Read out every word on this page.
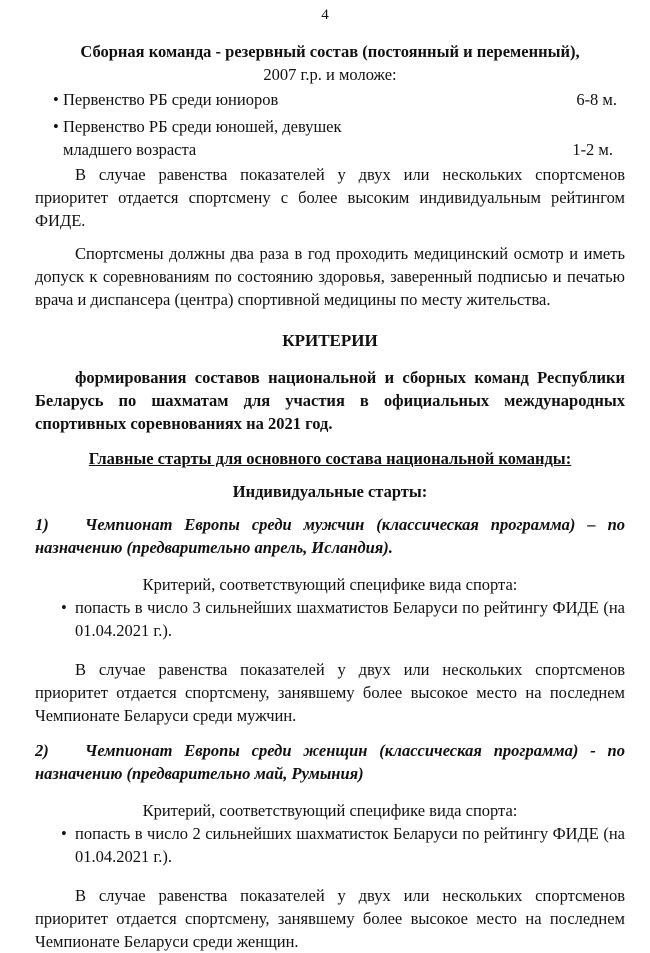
4

Сборная команда - резервный состав (постоянный и переменный),

2007 г.р. и моложе:

• Первенство РБ среди юниоров	6-8 м.
• Первенство РБ среди юношей, девушек
младшего возраста	1-2 м.

В случае равенства показателей у двух или нескольких спортсменов приоритет отдается спортсмену с более высоким индивидуальным рейтингом ФИДЕ.

Спортсмены должны два раза в год проходить медицинский осмотр и иметь допуск к соревнованиям по состоянию здоровья, заверенный подписью и печатью врача и диспансера (центра) спортивной медицины по месту жительства.

КРИТЕРИИ

формирования составов национальной и сборных команд Республики Беларусь по шахматам для участия в официальных международных спортивных соревнованиях на 2021 год.

Главные старты для основного состава национальной команды:

Индивидуальные старты:

1) Чемпионат Европы среди мужчин (классическая программа) – по назначению (предварительно апрель, Исландия).

Критерий, соответствующий специфике вида спорта:

• попасть в число 3 сильнейших шахматистов Беларуси по рейтингу ФИДЕ (на 01.04.2021 г.).

В случае равенства показателей у двух или нескольких спортсменов приоритет отдается спортсмену, занявшему более высокое место на последнем Чемпионате Беларуси среди мужчин.

2) Чемпионат Европы среди женщин (классическая программа) - по назначению (предварительно май, Румыния)

Критерий, соответствующий специфике вида спорта:

• попасть в число 2 сильнейших шахматисток Беларуси по рейтингу ФИДЕ (на 01.04.2021 г.).

В случае равенства показателей у двух или нескольких спортсменов приоритет отдается спортсмену, занявшему более высокое место на последнем Чемпионате Беларуси среди женщин.
